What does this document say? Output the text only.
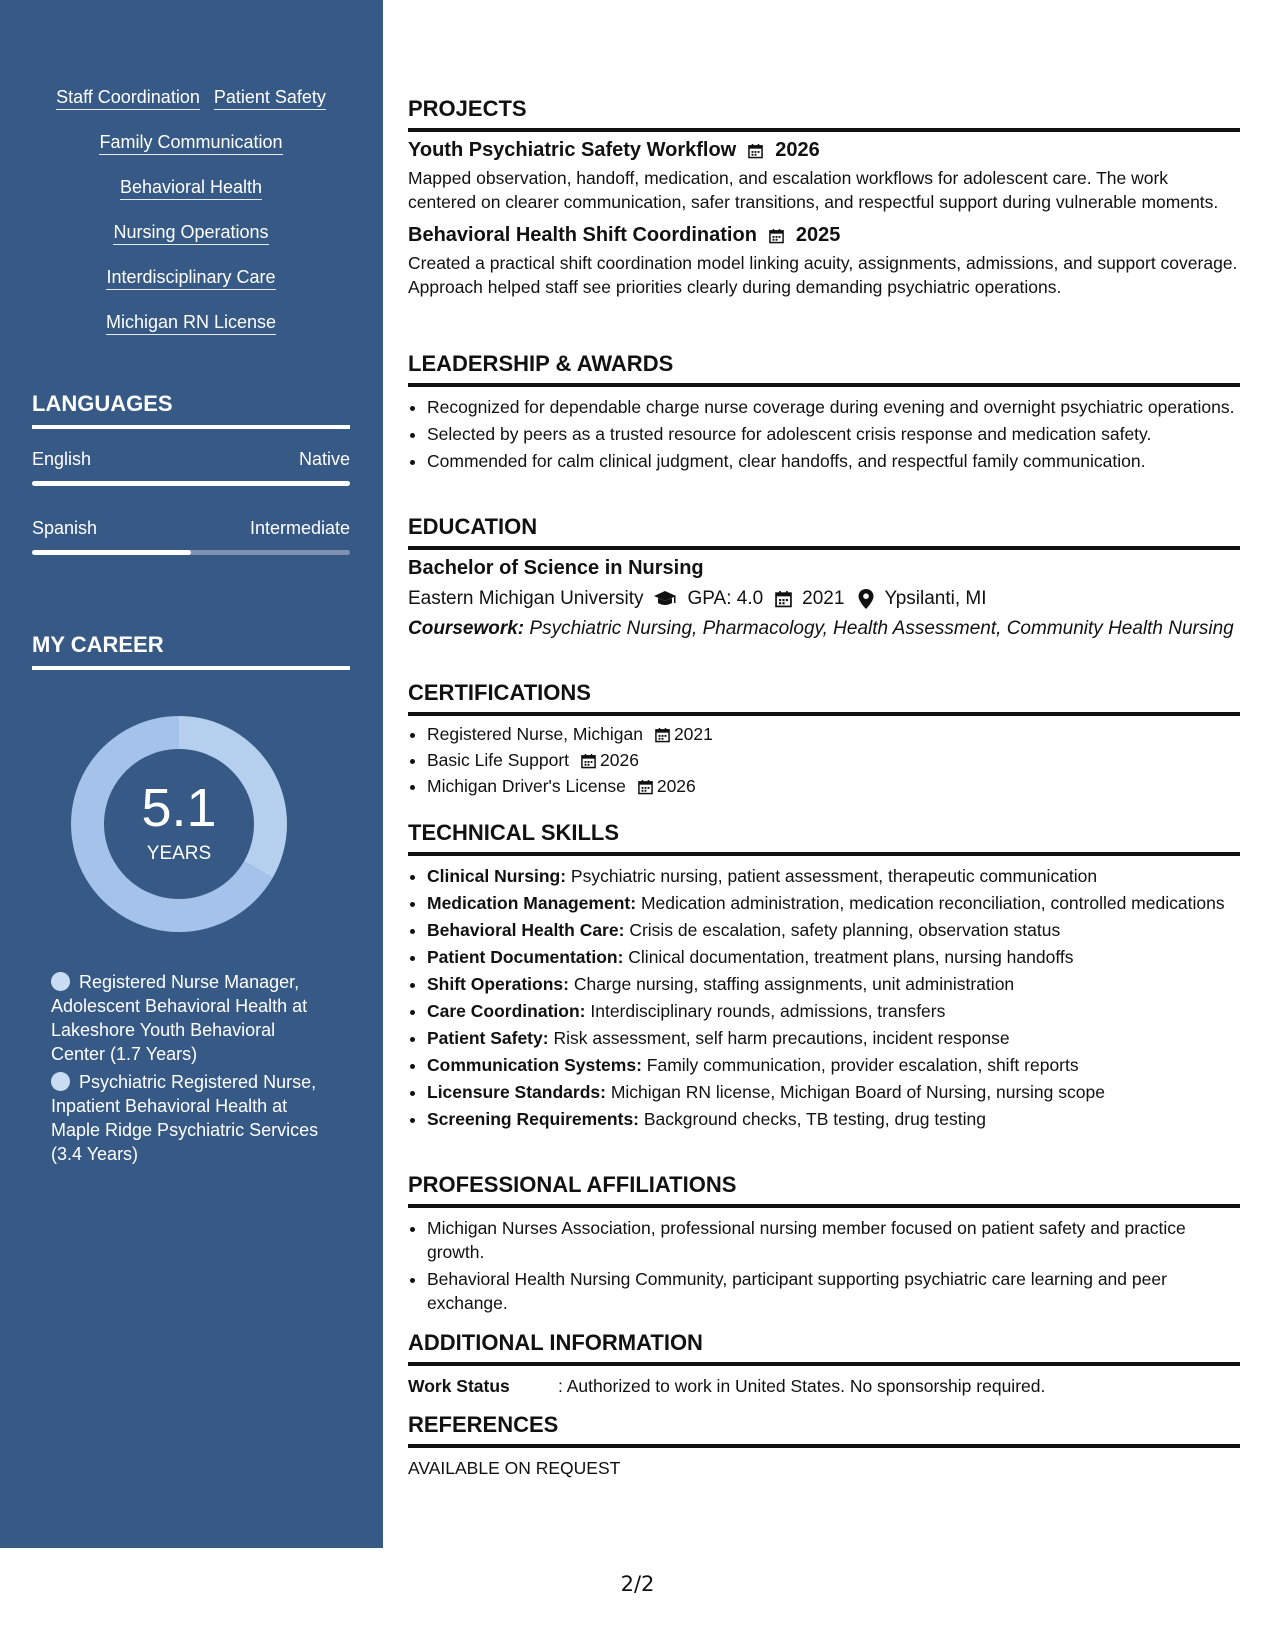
Staff Coordination Patient Safety
Family Communication
Behavioral Health
Nursing Operations
Interdisciplinary Care
Michigan RN License
LANGUAGES
English	Native
Spanish	Intermediate
MY CAREER
5.1
YEARS
Registered Nurse Manager, Adolescent Behavioral Health at Lakeshore Youth Behavioral Center (1.7 Years)
Psychiatric Registered Nurse, Inpatient Behavioral Health at Maple Ridge Psychiatric Services (3.4 Years)
PROJECTS
Youth Psychiatric Safety Workflow 2026
Mapped observation, handoff, medication, and escalation workflows for adolescent care. The work centered on clearer communication, safer transitions, and respectful support during vulnerable moments.
Behavioral Health Shift Coordination 2025
Created a practical shift coordination model linking acuity, assignments, admissions, and support coverage. Approach helped staff see priorities clearly during demanding psychiatric operations.
LEADERSHIP & AWARDS
• Recognized for dependable charge nurse coverage during evening and overnight psychiatric operations.
• Selected by peers as a trusted resource for adolescent crisis response and medication safety.
• Commended for calm clinical judgment, clear handoffs, and respectful family communication.
EDUCATION
Bachelor of Science in Nursing
Eastern Michigan University GPA: 4.0 2021 Ypsilanti, MI
Coursework: Psychiatric Nursing, Pharmacology, Health Assessment, Community Health Nursing
CERTIFICATIONS
• Registered Nurse, Michigan 2021
• Basic Life Support 2026
• Michigan Driver's License 2026
TECHNICAL SKILLS
• Clinical Nursing: Psychiatric nursing, patient assessment, therapeutic communication
• Medication Management: Medication administration, medication reconciliation, controlled medications
• Behavioral Health Care: Crisis de escalation, safety planning, observation status
• Patient Documentation: Clinical documentation, treatment plans, nursing handoffs
• Shift Operations: Charge nursing, staffing assignments, unit administration
• Care Coordination: Interdisciplinary rounds, admissions, transfers
• Patient Safety: Risk assessment, self harm precautions, incident response
• Communication Systems: Family communication, provider escalation, shift reports
• Licensure Standards: Michigan RN license, Michigan Board of Nursing, nursing scope
• Screening Requirements: Background checks, TB testing, drug testing
PROFESSIONAL AFFILIATIONS
• Michigan Nurses Association, professional nursing member focused on patient safety and practice growth.
• Behavioral Health Nursing Community, participant supporting psychiatric care learning and peer exchange.
ADDITIONAL INFORMATION
Work Status	: Authorized to work in United States. No sponsorship required.
REFERENCES
AVAILABLE ON REQUEST
2/2
